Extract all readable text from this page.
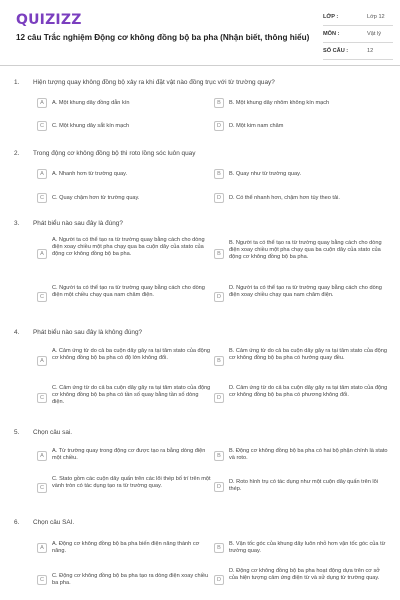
QUIZIZZ
12 câu Trắc nghiệm Động cơ không đồng bộ ba pha (Nhận biết, thông hiểu)
LỚP :	Lớp 12
MÔN :	Vật lý
SỐ CÂU :	12
1. Hiện tượng quay không đồng bộ xảy ra khi đặt vật nào đồng trục với từ trường quay?
A	A. Một khung dây đồng dẫn kín	B	B. Một khung dây nhôm không kín mạch
C	C. Một khung dây sắt kín mạch	D	D. Một kim nam châm
2. Trong động cơ không đồng bộ thì roto lồng sóc luôn quay
A	A. Nhanh hơn từ trường quay.	B	B. Quay như từ trường quay.
C	C. Quay chậm hơn từ trường quay.	D	D. Có thể nhanh hơn, chậm hơn tùy theo tải.
3. Phát biểu nào sau đây là đúng?
A
A. Người ta có thể tạo ra từ trường quay bằng cách cho dòng điện xoay chiều một pha chạy qua ba cuộn dây của stato của động cơ không đồng bộ ba pha.	B
B. Người ta có thể tạo ra từ trường quay bằng cách cho dòng điện xoay chiều một pha chạy qua ba cuộn dây của stato của động cơ không đồng bộ ba pha.
C
C. Người ta có thể tạo ra từ trường quay bằng cách cho dòng điện một chiều chạy qua nam châm điện.	D
D. Người ta có thể tạo ra từ trường quay bằng cách cho dòng điện xoay chiều chạy qua nam châm điện.
4. Phát biểu nào sau đây là không đúng?
A
A. Cảm ứng từ do cả ba cuộn dây gây ra tại tâm stato của động cơ không đồng bộ ba pha có độ lớn không đổi.	B
B. Cảm ứng từ do cả ba cuộn dây gây ra tại tâm stato của động cơ không đồng bộ ba pha có hướng quay đều.
C
C. Cảm ứng từ do cả ba cuộn dây gây ra tại tâm stato của động cơ không đồng bộ ba pha có tần số quay bằng tần số dòng điện.
D
D. Cảm ứng từ do cả ba cuộn dây gây ra tại tâm stato của động cơ không đồng bộ ba pha có phương không đổi.
5. Chọn câu sai.
A
A. Từ trường quay trong động cơ được tạo ra bằng dòng điện một chiều.	B
B. Động cơ không đồng bộ ba pha có hai bộ phận chính là stato và roto.
C
C. Stato gồm các cuộn dây quấn trên các lõi thép bố trí trên một vành tròn có tác dụng tạo ra từ trường quay.	D
D. Roto hình trụ có tác dụng như một cuộn dây quấn trên lõi thép.
6. Chọn câu SAI.
A
A. Động cơ không đồng bộ ba pha biến điện năng thành cơ năng.	B
B. Vận tốc góc của khung dây luôn nhỏ hơn vận tốc góc của từ trường quay.
C
C. Động cơ không đồng bộ ba pha tạo ra dòng điện xoay chiều ba pha.	D
D. Động cơ không đồng bộ ba pha hoạt động dựa trên cơ sở của hiện tượng cảm ứng điện từ và sử dụng từ trường quay.
